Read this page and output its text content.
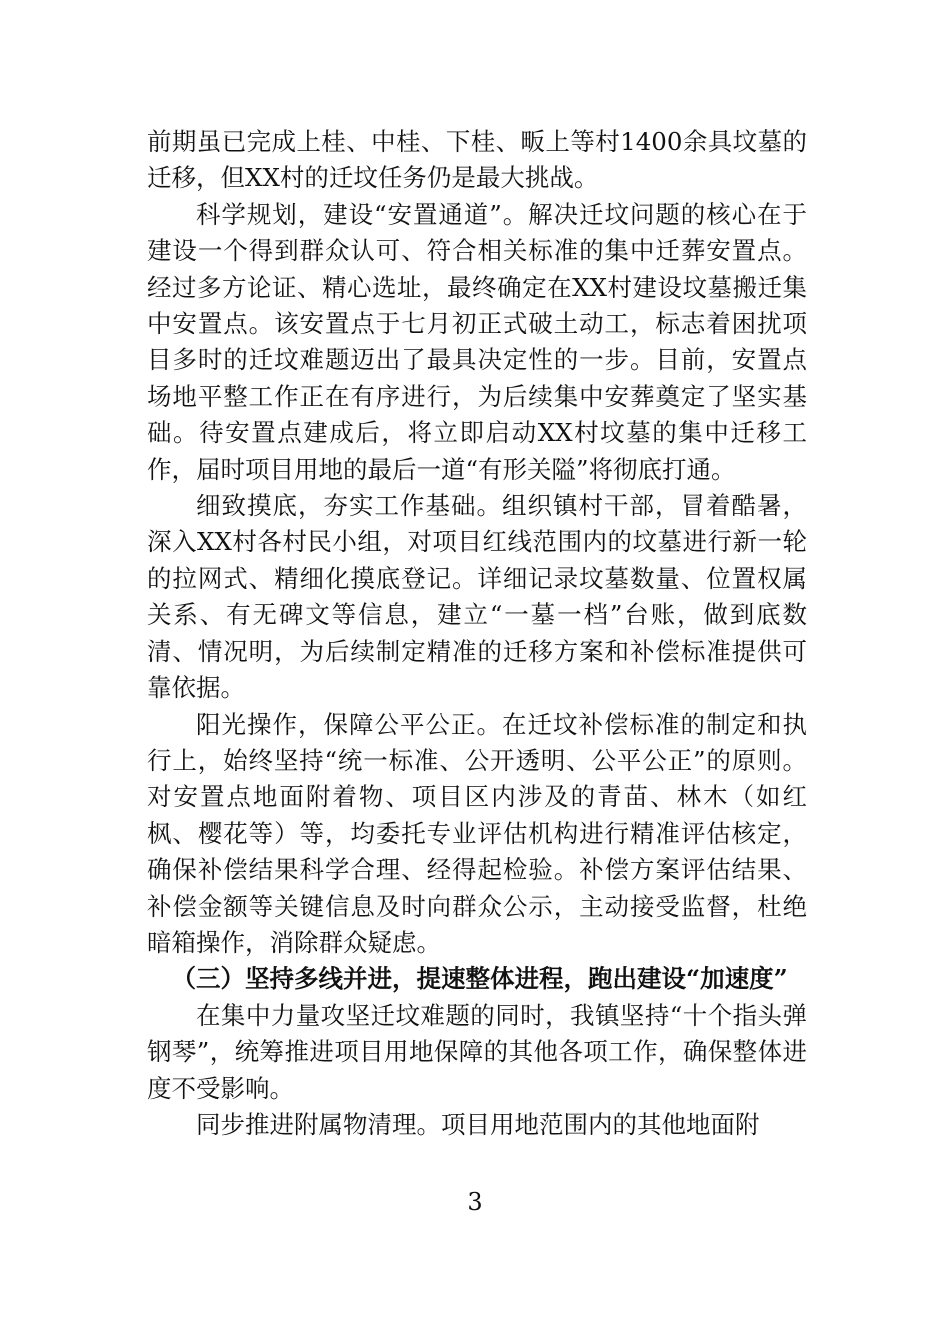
前期虽已完成上桂、中桂、下桂、畈上等村1400余具坟墓的迁移，但XX村的迁坟任务仍是最大挑战。

科学规划，建设“安置通道”。解决迁坟问题的核心在于建设一个得到群众认可、符合相关标准的集中迁葬安置点。经过多方论证、精心选址，最终确定在XX村建设坟墓搬迁集中安置点。该安置点于七月初正式破土动工，标志着困扰项目多时的迁坟难题迈出了最具决定性的一步。目前，安置点场地平整工作正在有序进行，为后续集中安葬奠定了坚实基础。待安置点建成后，将立即启动XX村坟墓的集中迁移工作，届时项目用地的最后一道“有形关隘”将彻底打通。

细致摸底，夯实工作基础。组织镇村干部，冒着酷暑，深入XX村各村民小组，对项目红线范围内的坟墓进行新一轮的拉网式、精细化摸底登记。详细记录坟墓数量、位置权属关系、有无碑文等信息，建立“一墓一档”台账，做到底数清、情况明，为后续制定精准的迁移方案和补偿标准提供可靠依据。

阳光操作，保障公平公正。在迁坟补偿标准的制定和执行上，始终坚持“统一标准、公开透明、公平公正”的原则。对安置点地面附着物、项目区内涉及的青苗、林木（如红枫、樱花等）等，均委托专业评估机构进行精准评估核定，确保补偿结果科学合理、经得起检验。补偿方案评估结果、补偿金额等关键信息及时向群众公示，主动接受监督，杜绝暗箱操作，消除群众疑虑。

（三）坚持多线并进，提速整体进程，跑出建设“加速度”

在集中力量攻坚迁坟难题的同时，我镇坚持“十个指头弹钢琴”，统筹推进项目用地保障的其他各项工作，确保整体进度不受影响。

同步推进附属物清理。项目用地范围内的其他地面附

3
